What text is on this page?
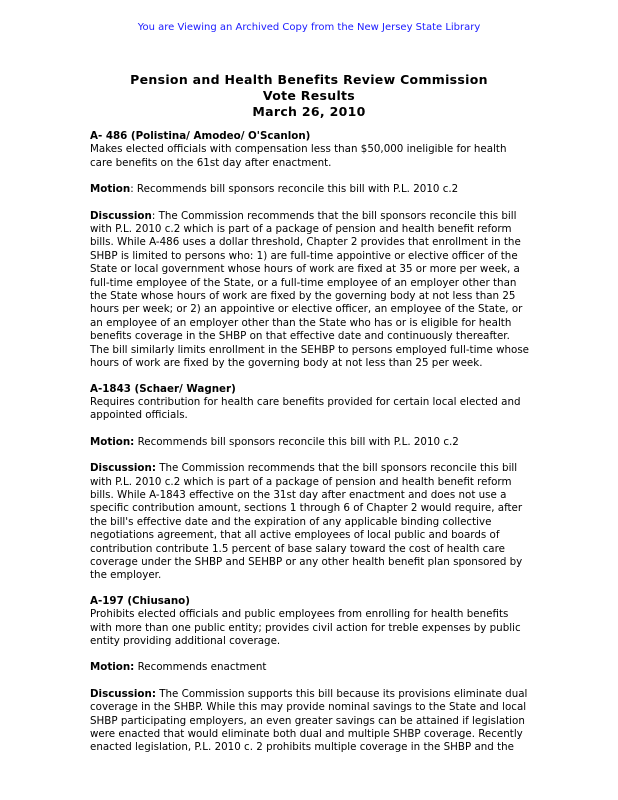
You are Viewing an Archived Copy from the New Jersey State Library
Pension and Health Benefits Review Commission
Vote Results
March 26, 2010

A- 486 (Polistina/ Amodeo/ O'Scanlon)

Makes elected officials with compensation less than $50,000 ineligible for health care benefits on the 61st day after enactment.

Motion: Recommends bill sponsors reconcile this bill with P.L. 2010 c.2

Discussion: The Commission recommends that the bill sponsors reconcile this bill with P.L. 2010 c.2 which is part of a package of pension and health benefit reform bills. While A-486 uses a dollar threshold, Chapter 2 provides that enrollment in the SHBP is limited to persons who: 1) are full-time appointive or elective officer of the State or local government whose hours of work are fixed at 35 or more per week, a full-time employee of the State, or a full-time employee of an employer other than the State whose hours of work are fixed by the governing body at not less than 25 hours per week; or 2) an appointive or elective officer, an employee of the State, or an employee of an employer other than the State who has or is eligible for health benefits coverage in the SHBP on that effective date and continuously thereafter. The bill similarly limits enrollment in the SEHBP to persons employed full-time whose hours of work are fixed by the governing body at not less than 25 per week.

A-1843 (Schaer/ Wagner)

Requires contribution for health care benefits provided for certain local elected and appointed officials.

Motion: Recommends bill sponsors reconcile this bill with P.L. 2010 c.2

Discussion: The Commission recommends that the bill sponsors reconcile this bill with P.L. 2010 c.2 which is part of a package of pension and health benefit reform bills. While A-1843 effective on the 31st day after enactment and does not use a specific contribution amount, sections 1 through 6 of Chapter 2 would require, after the bill's effective date and the expiration of any applicable binding collective negotiations agreement, that all active employees of local public and boards of contribution contribute 1.5 percent of base salary toward the cost of health care coverage under the SHBP and SEHBP or any other health benefit plan sponsored by the employer.

A-197 (Chiusano)

Prohibits elected officials and public employees from enrolling for health benefits with more than one public entity; provides civil action for treble expenses by public entity providing additional coverage.

Motion: Recommends enactment

Discussion: The Commission supports this bill because its provisions eliminate dual coverage in the SHBP. While this may provide nominal savings to the State and local SHBP participating employers, an even greater savings can be attained if legislation were enacted that would eliminate both dual and multiple SHBP coverage. Recently enacted legislation, P.L. 2010 c. 2 prohibits multiple coverage in the SHBP and the
